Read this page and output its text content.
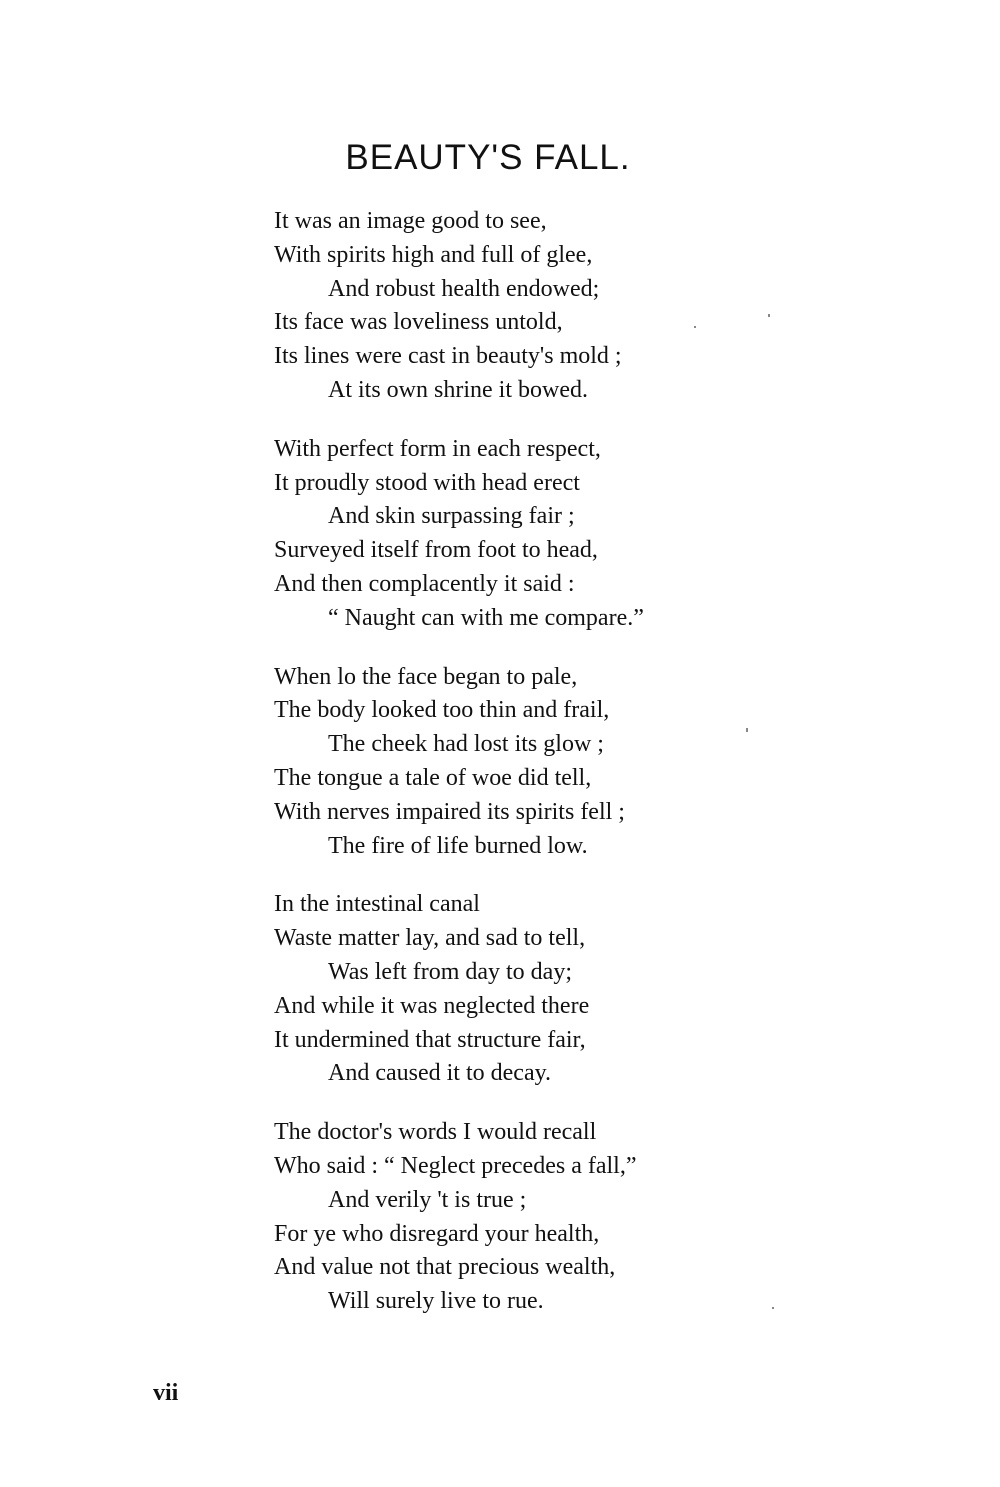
BEAUTY'S FALL.
It was an image good to see,
With spirits high and full of glee,
And robust health endowed;
Its face was loveliness untold,
Its lines were cast in beauty's mold ;
At its own shrine it bowed.
With perfect form in each respect,
It proudly stood with head erect
And skin surpassing fair ;
Surveyed itself from foot to head,
And then complacently it said :
“ Naught can with me compare.”
When lo the face began to pale,
The body looked too thin and frail,
The cheek had lost its glow ;
The tongue a tale of woe did tell,
With nerves impaired its spirits fell ;
The fire of life burned low.
In the intestinal canal
Waste matter lay, and sad to tell,
Was left from day to day;
And while it was neglected there
It undermined that structure fair,
And caused it to decay.
The doctor's words I would recall
Who said : “ Neglect precedes a fall,”
And verily 't is true ;
For ye who disregard your health,
And value not that precious wealth,
Will surely live to rue.
vii
